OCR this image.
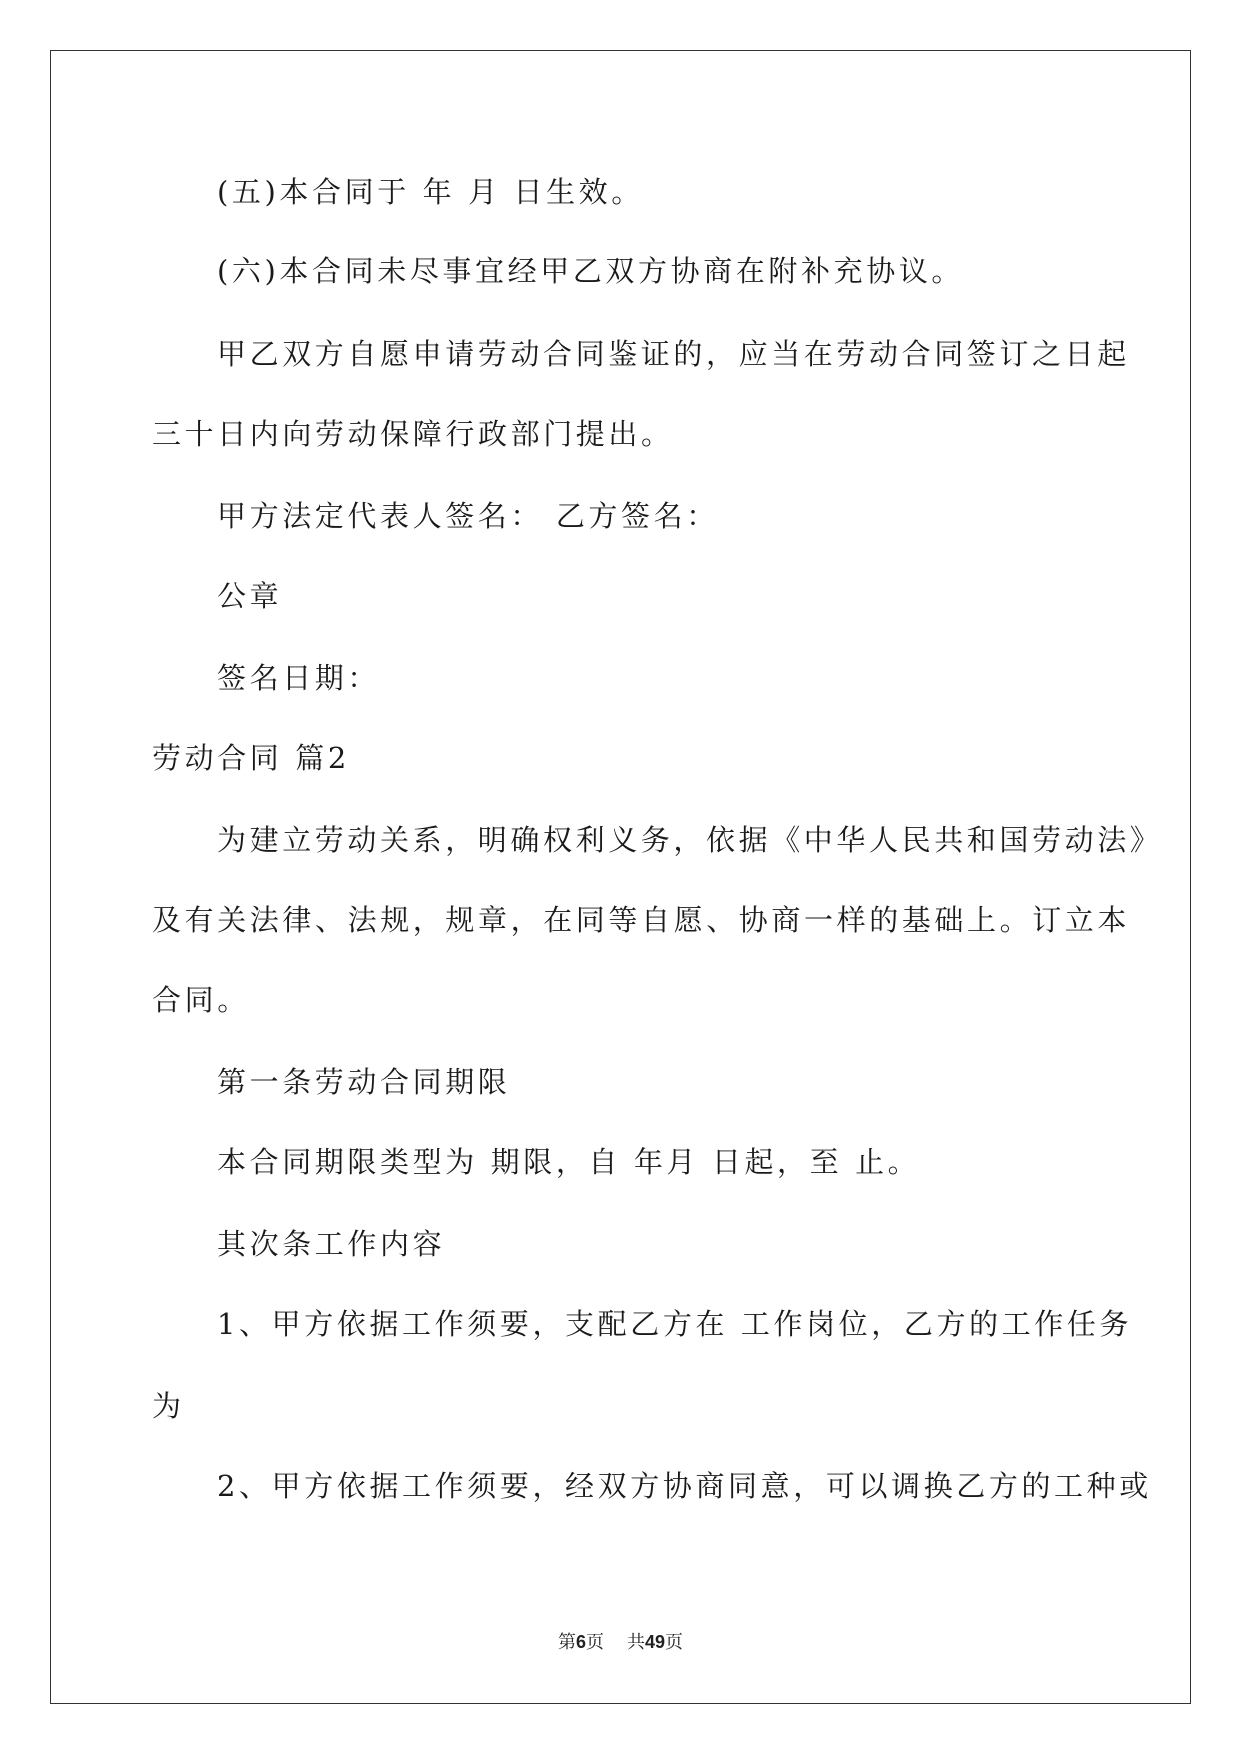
(五)本合同于 年 月 日生效。
(六)本合同未尽事宜经甲乙双方协商在附补充协议。
甲乙双方自愿申请劳动合同鉴证的，应当在劳动合同签订之日起
三十日内向劳动保障行政部门提出。
甲方法定代表人签名： 乙方签名：
公章
签名日期：
劳动合同 篇2
为建立劳动关系，明确权利义务，依据《中华人民共和国劳动法》
及有关法律、法规，规章，在同等自愿、协商一样的基础上。订立本
合同。
第一条劳动合同期限
本合同期限类型为 期限，自 年月 日起，至 止。
其次条工作内容
1、甲方依据工作须要，支配乙方在 工作岗位，乙方的工作任务
为
2、甲方依据工作须要，经双方协商同意，可以调换乙方的工种或
第6页 共49页
